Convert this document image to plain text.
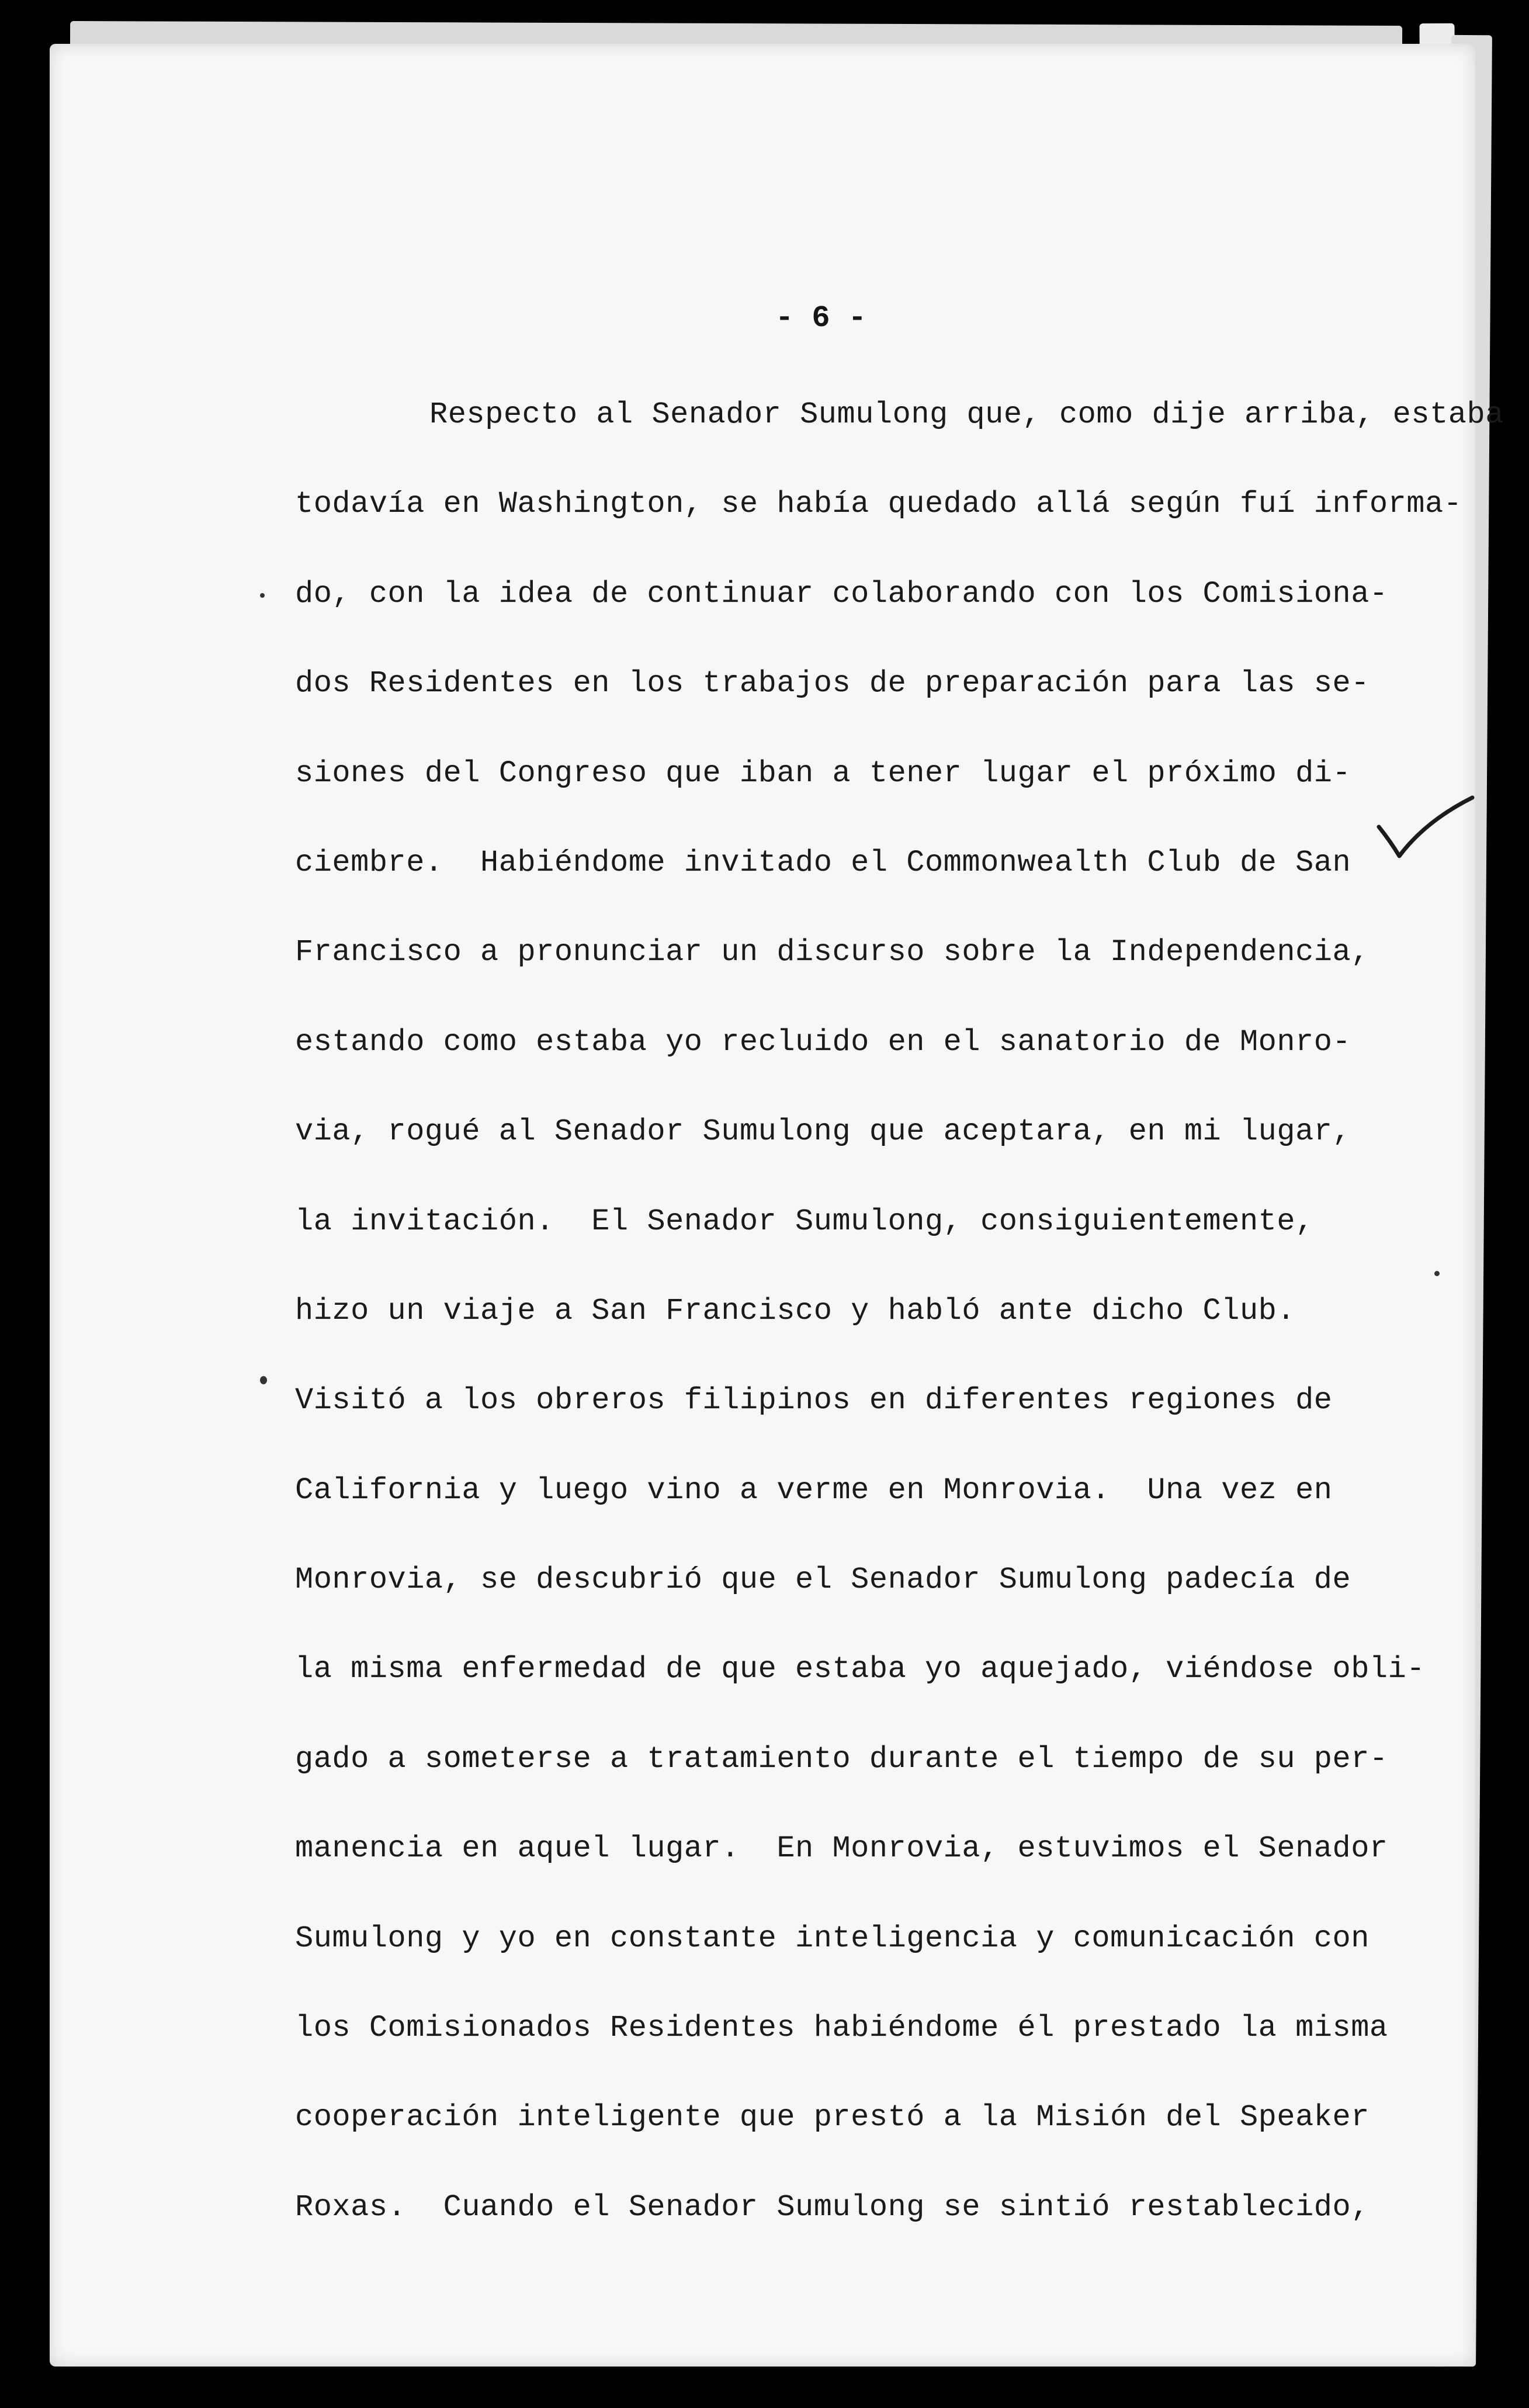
- 6 -
Respecto al Senador Sumulong que, como dije arriba, estaba
todavía en Washington, se había quedado allá según fuí informa-
do, con la idea de continuar colaborando con los Comisiona-
dos Residentes en los trabajos de preparación para las se-
siones del Congreso que iban a tener lugar el próximo di-
ciembre.  Habiéndome invitado el Commonwealth Club de San
Francisco a pronunciar un discurso sobre la Independencia,
estando como estaba yo recluido en el sanatorio de Monro-
via, rogué al Senador Sumulong que aceptara, en mi lugar,
la invitación.  El Senador Sumulong, consiguientemente,
hizo un viaje a San Francisco y habló ante dicho Club.
Visitó a los obreros filipinos en diferentes regiones de
California y luego vino a verme en Monrovia.  Una vez en
Monrovia, se descubrió que el Senador Sumulong padecía de
la misma enfermedad de que estaba yo aquejado, viéndose obli-
gado a someterse a tratamiento durante el tiempo de su per-
manencia en aquel lugar.  En Monrovia, estuvimos el Senador
Sumulong y yo en constante inteligencia y comunicación con
los Comisionados Residentes habiéndome él prestado la misma
cooperación inteligente que prestó a la Misión del Speaker
Roxas.  Cuando el Senador Sumulong se sintió restablecido,
